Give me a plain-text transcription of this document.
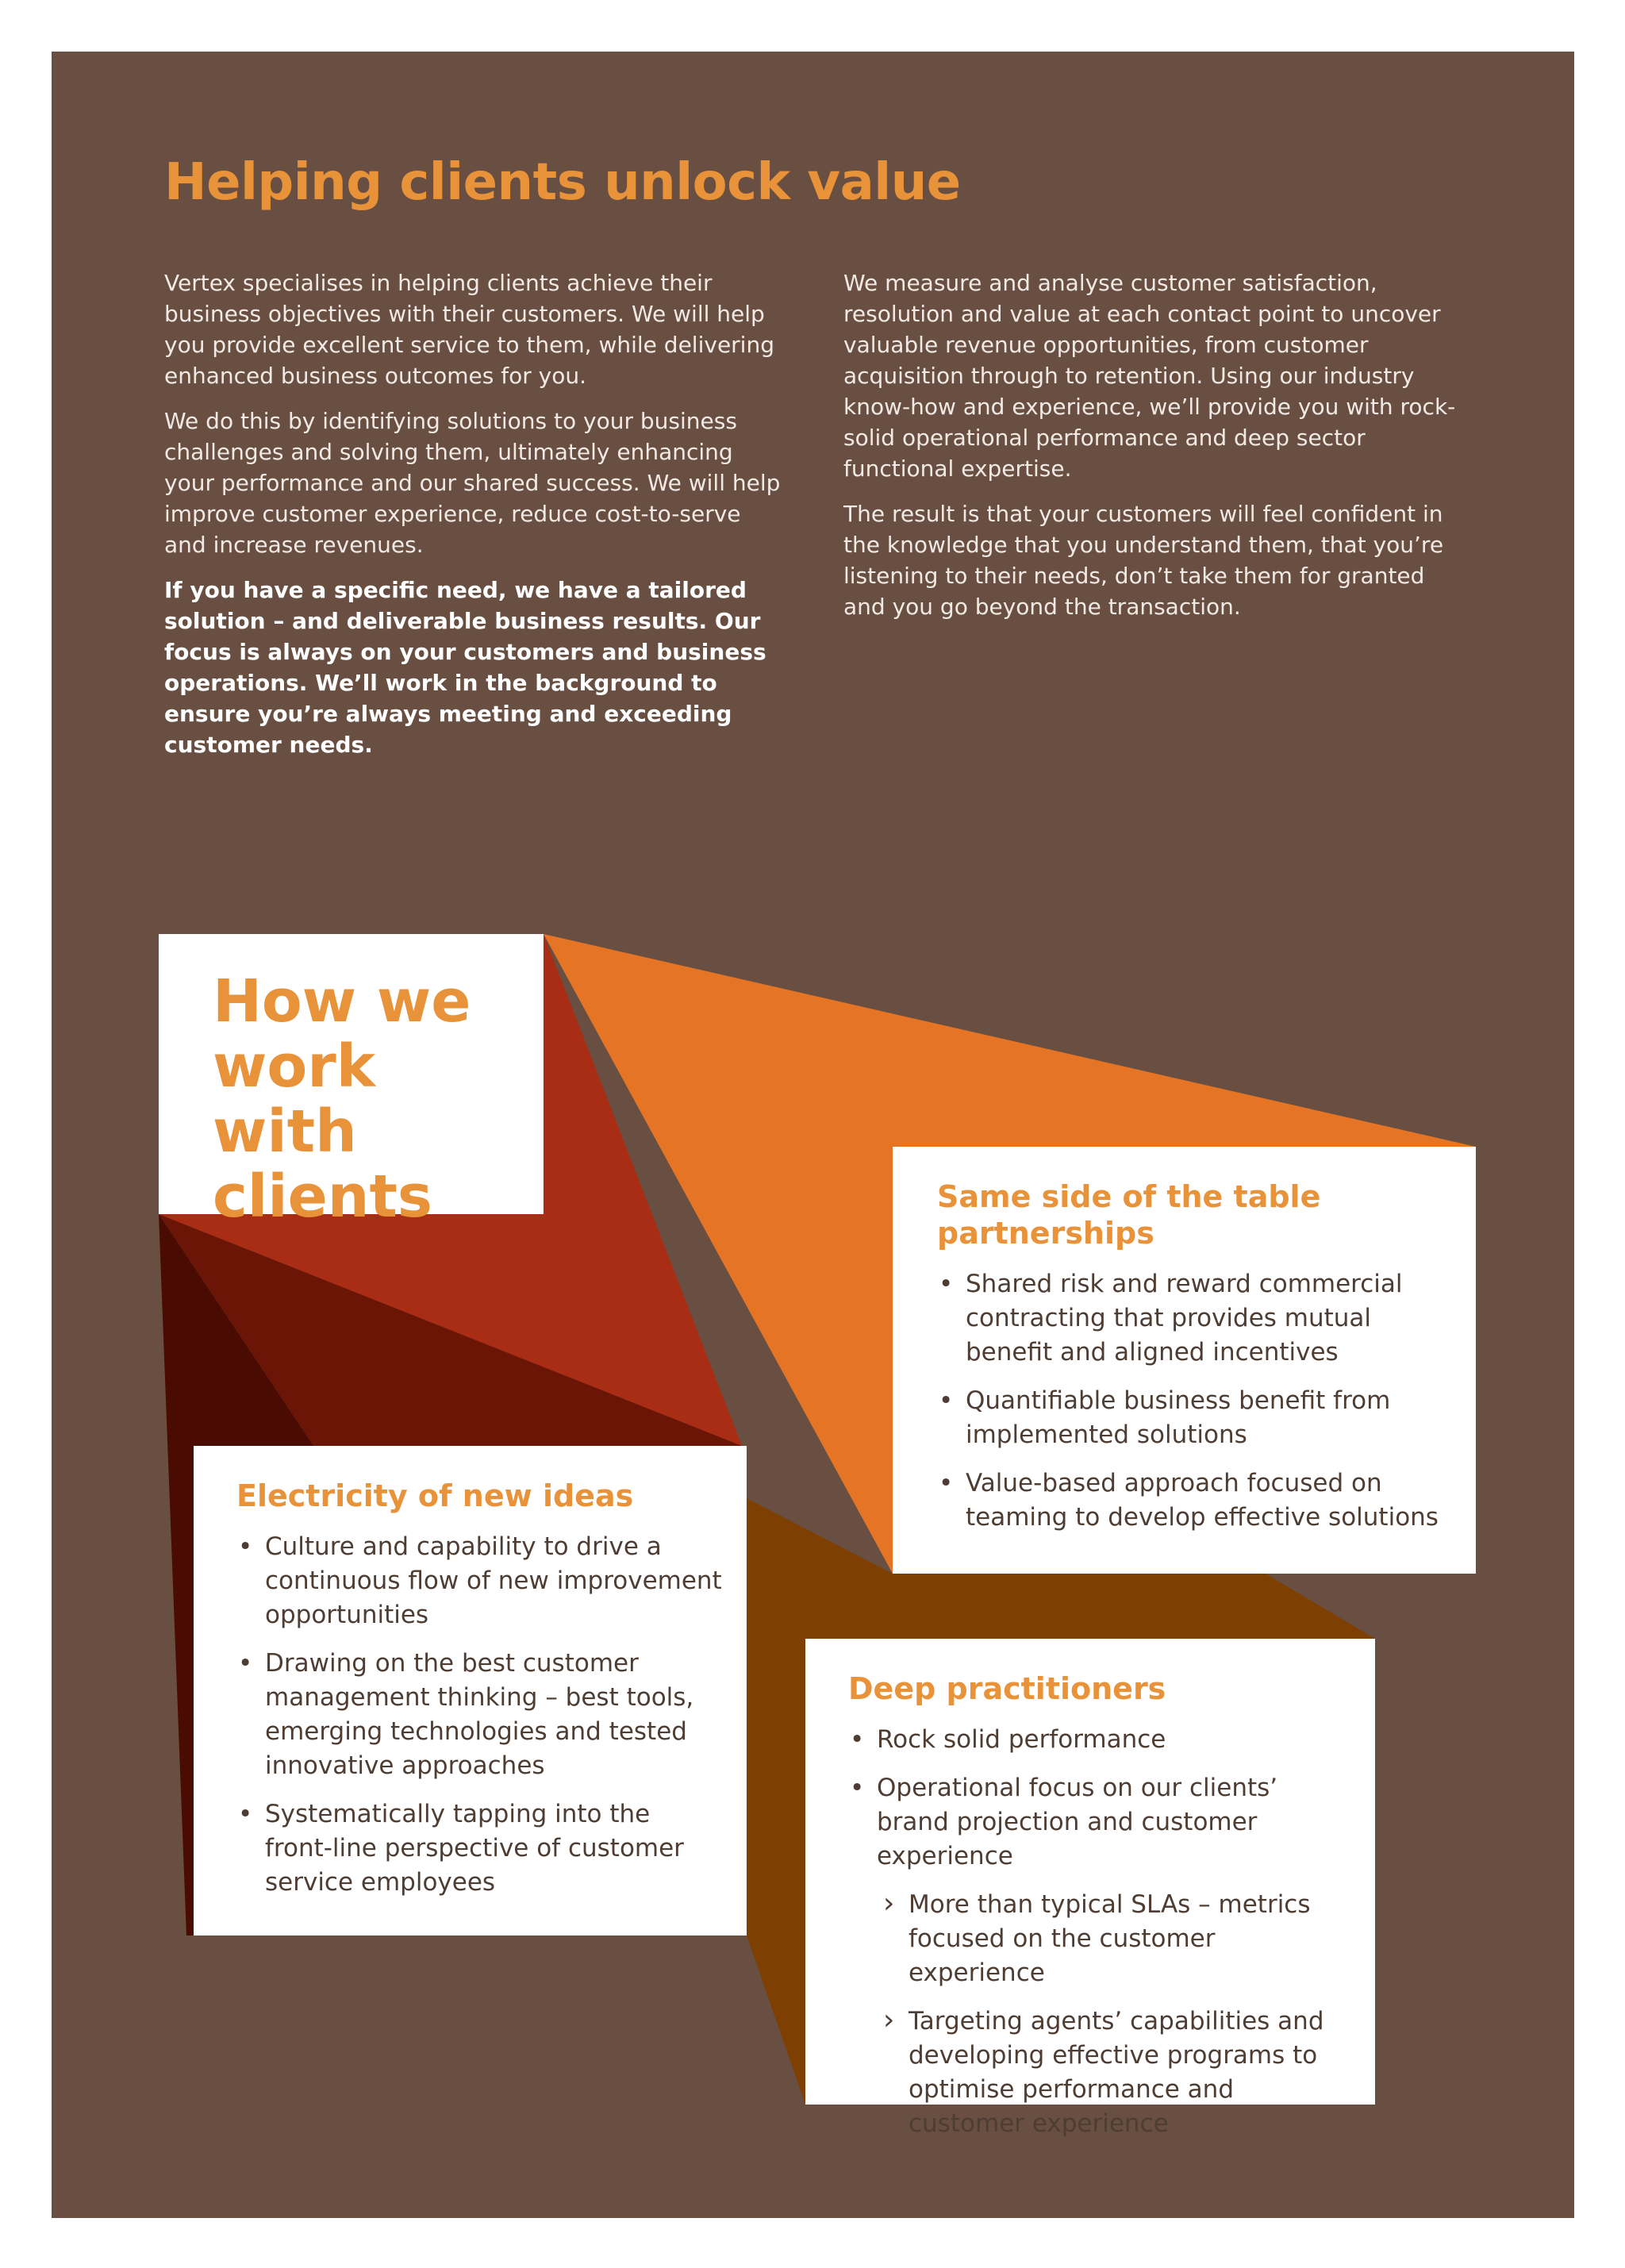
Helping clients unlock value

Vertex specialises in helping clients achieve their business objectives with their customers. We will help you provide excellent service to them, while delivering enhanced business outcomes for you.

We do this by identifying solutions to your business challenges and solving them, ultimately enhancing your performance and our shared success. We will help improve customer experience, reduce cost-to-serve and increase revenues.

If you have a specific need, we have a tailored solution – and deliverable business results. Our focus is always on your customers and business operations. We’ll work in the background to ensure you’re always meeting and exceeding customer needs.

We measure and analyse customer satisfaction, resolution and value at each contact point to uncover valuable revenue opportunities, from customer acquisition through to retention. Using our industry know-how and experience, we’ll provide you with rock-solid operational performance and deep sector functional expertise.

The result is that your customers will feel confident in the knowledge that you understand them, that you’re listening to their needs, don’t take them for granted and you go beyond the transaction.

How we work with clients	Same side of the table partnerships
• Shared risk and reward commercial contracting that provides mutual benefit and aligned incentives
• Quantifiable business benefit from implemented solutions
• Value-based approach focused on teaming to develop effective solutions
Electricity of new ideas
• Culture and capability to drive a continuous flow of new improvement opportunities
• Drawing on the best customer management thinking – best tools, emerging technologies and tested innovative approaches
• Systematically tapping into the front-line perspective of customer service employees
Deep practitioners
• Rock solid performance
• Operational focus on our clients’ brand projection and customer experience
› More than typical SLAs – metrics focused on the customer experience
› Targeting agents’ capabilities and developing effective programs to optimise performance and customer experience
